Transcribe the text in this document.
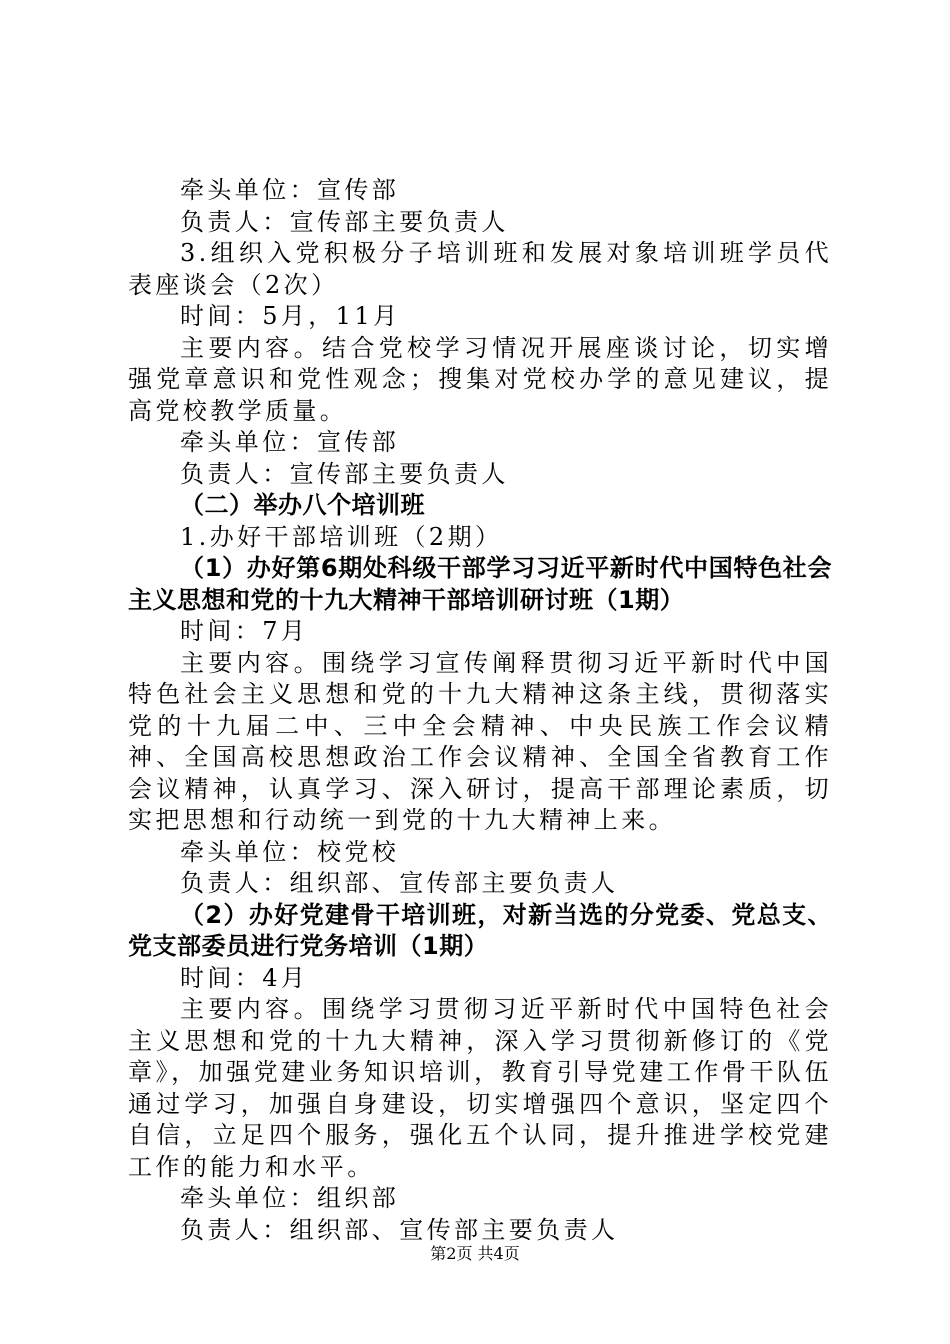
牵头单位：宣传部

负责人：宣传部主要负责人

3.组织入党积极分子培训班和发展对象培训班学员代表座谈会（2次）

时间：5月，11月

主要内容。结合党校学习情况开展座谈讨论，切实增强党章意识和党性观念；搜集对党校办学的意见建议，提高党校教学质量。

牵头单位：宣传部

负责人：宣传部主要负责人

（二）举办八个培训班

1.办好干部培训班（2期）

（1）办好第6期处科级干部学习习近平新时代中国特色社会主义思想和党的十九大精神干部培训研讨班（1期）

时间：7月

主要内容。围绕学习宣传阐释贯彻习近平新时代中国特色社会主义思想和党的十九大精神这条主线，贯彻落实党的十九届二中、三中全会精神、中央民族工作会议精神、全国高校思想政治工作会议精神、全国全省教育工作会议精神，认真学习、深入研讨，提高干部理论素质，切实把思想和行动统一到党的十九大精神上来。

牵头单位：校党校

负责人：组织部、宣传部主要负责人

（2）办好党建骨干培训班，对新当选的分党委、党总支、党支部委员进行党务培训（1期）

时间：4月

主要内容。围绕学习贯彻习近平新时代中国特色社会主义思想和党的十九大精神，深入学习贯彻新修订的《党章》，加强党建业务知识培训，教育引导党建工作骨干队伍通过学习，加强自身建设，切实增强四个意识，坚定四个自信，立足四个服务，强化五个认同，提升推进学校党建工作的能力和水平。

牵头单位：组织部

负责人：组织部、宣传部主要负责人

第2页 共4页
